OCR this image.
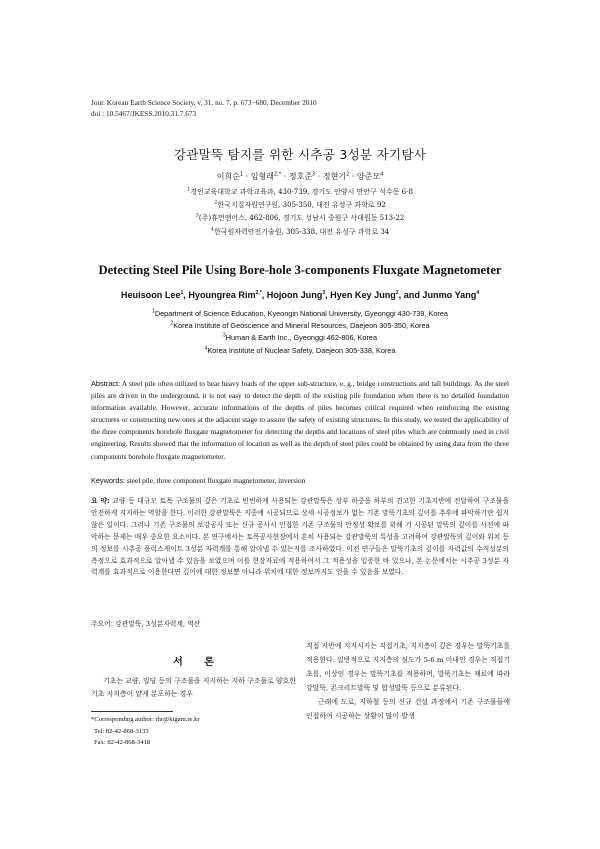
Jour. Korean Earth Science Society, v. 31, no. 7, p. 673−680, December 2010
doi : 10.5467/JKESS.2010.31.7.673
강관말뚝 탐지를 위한 시추공 3성분 자기탐사
이희순$^1$ · 임형래$^{2,*}$ · 정호준$^3$ · 정현기$^2$ · 양준모$^4$
$^1$경인교육대학교 과학교육과, 430-739, 경기도 안양시 만안구 석수동 6-8
$^2$한국지질자원연구원, 305-350, 대전 유성구 과학로 92
$^3$(주)휴먼앤어스, 462-806, 경기도 성남시 중원구 사대원동 513-22
$^4$한국원자력안전기술원, 305-338, 대전 유성구 과학로 34
Detecting Steel Pile Using Bore-hole 3-components Fluxgate Magnetometer
Heuisoon Lee$^1$, Hyoungrea Rim$^{2,*}$, Hojoon Jung$^3$, Hyen Key Jung$^2$, and Junmo Yang$^4$
$^1$Department of Science Education, Kyeongin National University, Gyeonggi 430-739, Korea
$^2$Korea Institute of Geoscience and Mineral Resources, Daejeon 305-350, Korea
$^3$Human & Earth Inc., Gyeonggi 462-806, Korea
$^4$Korea Institute of Nuclear Safety, Daejeon 305-338, Korea
Abstract: A steel pile often utilized to bear heavy loads of the upper sub-structure, e. g., bridge constructions and tall buildings. As the steel piles are driven in the underground, it is not easy to detect the depth of the existing pile foundation when there is no detailed foundation information available. However, accurate informations of the depths of piles becomes critical required when reinforcing the existing structures or constructing new ones at the adjacent stage to assure the safety of existing structures. In this study, we tested the applicability of the three components borehole fluxgate magnetometer for detecting the depths and locations of steel piles which are commonly used in civil engineering. Results showed that the information of location as well as the depth of steel piles could be obtained by using data from the three components borehole fluxgate magnetometer.
Keywords: steel pile, three component fluxgate magnetometer, inversion
요 약: 교량 등 대규모 토목 구조물의 깊은 기초로 빈번하게 사용되는 강관말뚝은 상부 하중을 하부의 견고한 기초지반에 전달하여 구조물을 안전하게 지지하는 역할을 한다. 이러한 강관말뚝은 지중에 시공되므로 상세 시공정보가 없는 기존 말뚝기초의 깊이를 추후에 파악하기란 쉽지 않은 일이다. 그러나 기존 구조물의 보강공사 또는 신규 공사시 인접한 기존 구조물의 안정성 확보를 위해 기 시공된 말뚝의 깊이를 사전에 파악하는 문제는 매우 중요한 요소이다. 본 연구에서는 토목공사현장에서 흔히 사용되는 강관말뚝의 특성을 고려하여 강관말뚝의 깊이와 위치 등의 정보를 시추공 플럭스게이트 3성분 자력계를 통해 알아낼 수 있는지를 조사하였다. 이전 연구들은 말뚝기초의 깊이를 자력값의 수직성분의 측정으로 효과적으로 알아낼 수 있음을 보였으며 이를 현장자료에 적용하여서 그 적용성을 입증한 바 있으나, 본 논문에서는 시추공 3성분 자력계를 효과적으로 이용한다면 깊이에 대한 정보뿐 아니라 위치에 대한 정보까지도 얻을 수 있음을 보였다.
주요어: 강관말뚝, 3성분자력계, 역산
서 론
기초는 교량, 빌딩 등의 구조물을 지지하는 지하 구조물로 양호한 기초 지지층이 얕게 분포하는 경우
*Corresponding author: rhr@kigam.re.kr
Tel: 82-42-868-3133
Fax: 82-42-868-3418
직접 지반에 지지시키는 직접기초, 지지층이 깊은 경우는 말뚝기초를 적용한다. 일반적으로 지지층의 심도가 5-6 m 이내인 경우는 직접기초를, 이상인 경우는 말뚝기초를 적용하며, 말뚝기초는 재료에 따라 강말뚝, 콘크리트말뚝 및 합성말뚝 등으로 분류된다.
근래에 도로, 지하철 등의 신규 건설 과정에서 기존 구조물들에 인접하여 시공하는 상황이 많이 발생
